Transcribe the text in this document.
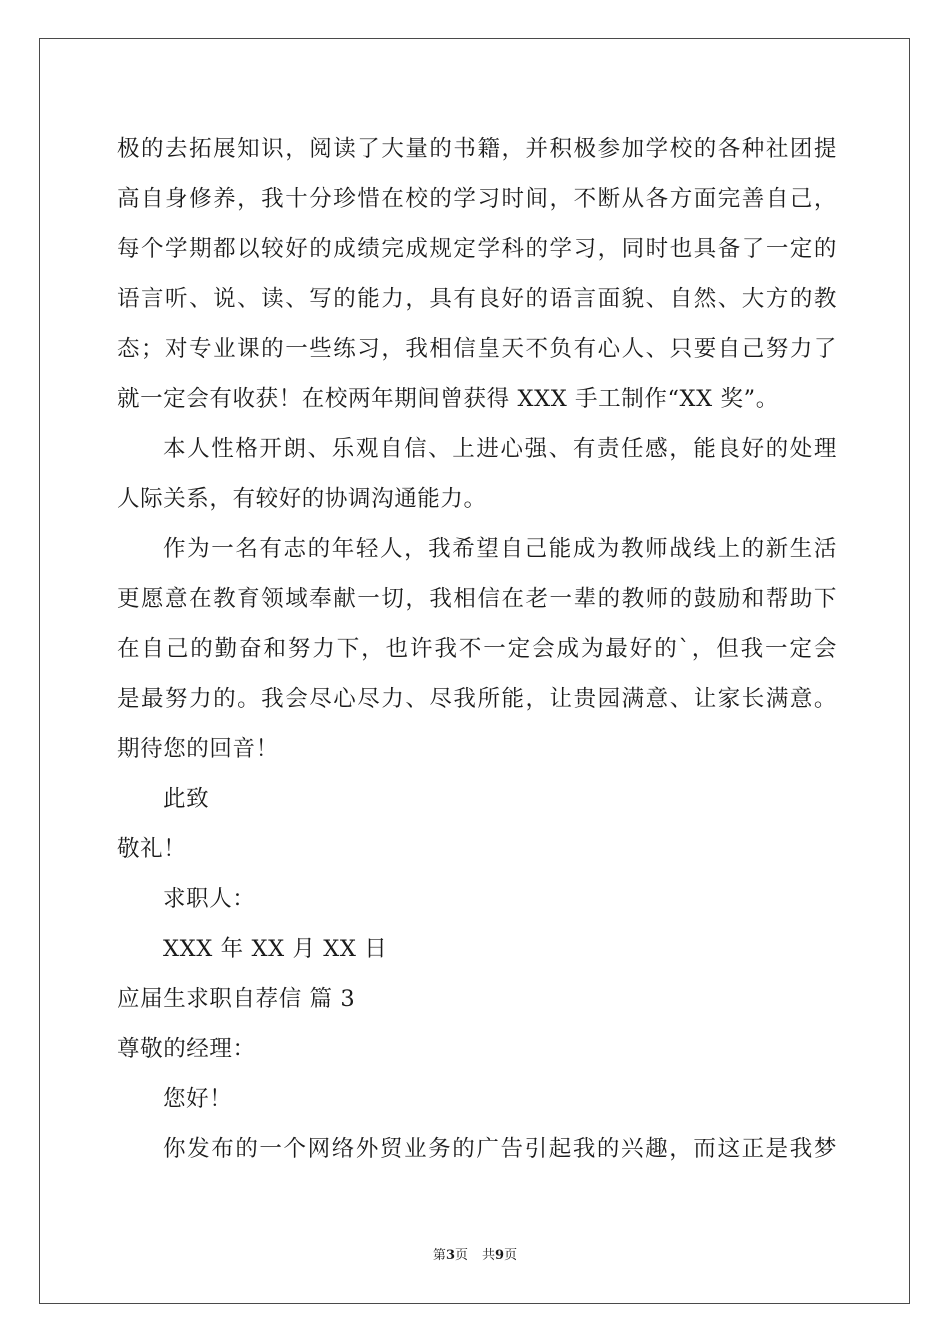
极的去拓展知识，阅读了大量的书籍，并积极参加学校的各种社团提
高自身修养，我十分珍惜在校的学习时间，不断从各方面完善自己，
每个学期都以较好的成绩完成规定学科的学习，同时也具备了一定的
语言听、说、读、写的能力，具有良好的语言面貌、自然、大方的教
态；对专业课的一些练习，我相信皇天不负有心人、只要自己努力了
就一定会有收获！在校两年期间曾获得 XXX 手工制作“XX 奖”。
本人性格开朗、乐观自信、上进心强、有责任感，能良好的处理
人际关系，有较好的协调沟通能力。
作为一名有志的年轻人，我希望自己能成为教师战线上的新生活
更愿意在教育领域奉献一切，我相信在老一辈的教师的鼓励和帮助下
在自己的勤奋和努力下，也许我不一定会成为最好的`，但我一定会
是最努力的。我会尽心尽力、尽我所能，让贵园满意、让家长满意。
期待您的回音！
此致
敬礼！
求职人：
XXX 年 XX 月 XX 日
应届生求职自荐信 篇 3
尊敬的经理：
您好！
你发布的一个网络外贸业务的广告引起我的兴趣，而这正是我梦
第3页 共9页
